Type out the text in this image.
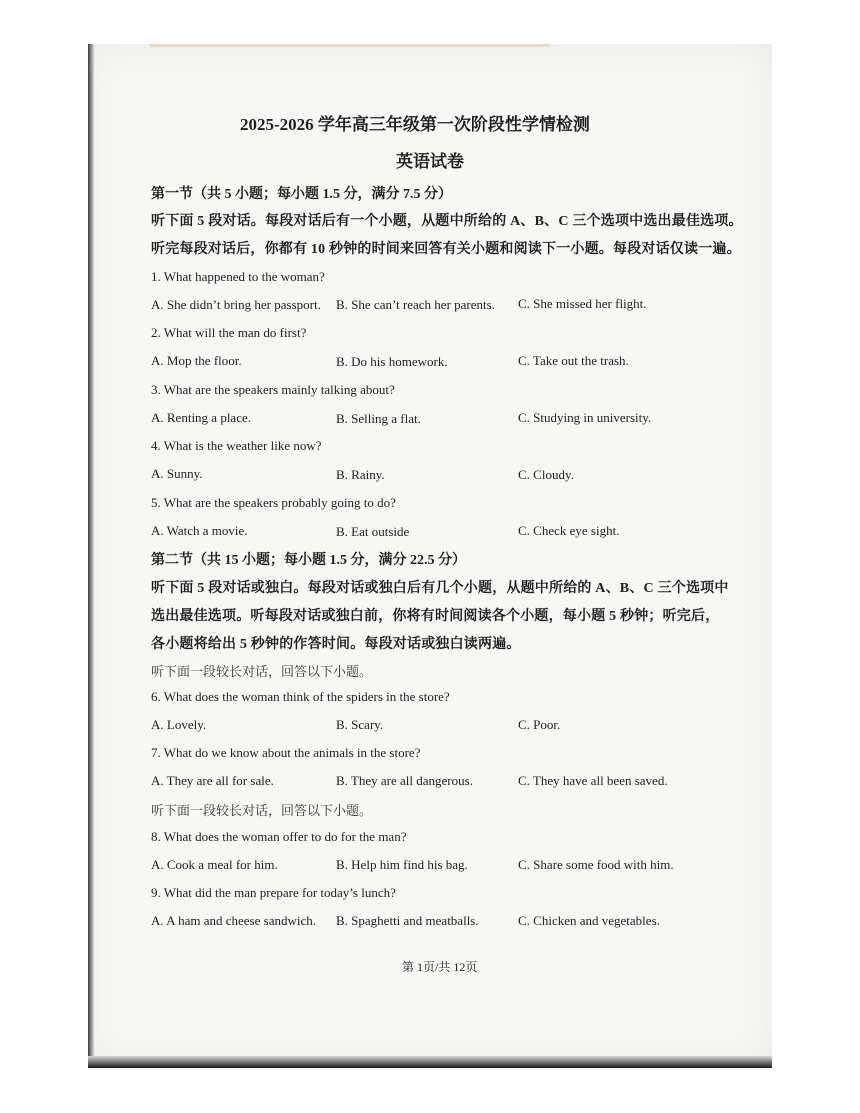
2025-2026 学年高三年级第一次阶段性学情检测
英语试卷
第一节（共 5 小题；每小题 1.5 分，满分 7.5 分）
听下面 5 段对话。每段对话后有一个小题，从题中所给的 A、B、C 三个选项中选出最佳选项。
听完每段对话后，你都有 10 秒钟的时间来回答有关小题和阅读下一小题。每段对话仅读一遍。
1. What happened to the woman?
A. She didn’t bring her passport. B. She can’t reach her parents. C. She missed her flight.
2. What will the man do first?
A. Mop the floor.	B. Do his homework.	C. Take out the trash.
3. What are the speakers mainly talking about?
A. Renting a place.	B. Selling a flat.	C. Studying in university.
4. What is the weather like now?
A. Sunny.	B. Rainy.	C. Cloudy.
5. What are the speakers probably going to do?
A. Watch a movie.	B. Eat outside	C. Check eye sight.
第二节（共 15 小题；每小题 1.5 分，满分 22.5 分）
听下面 5 段对话或独白。每段对话或独白后有几个小题，从题中所给的 A、B、C 三个选项中
选出最佳选项。听每段对话或独白前，你将有时间阅读各个小题，每小题 5 秒钟；听完后，
各小题将给出 5 秒钟的作答时间。每段对话或独白读两遍。
听下面一段较长对话，回答以下小题。
6. What does the woman think of the spiders in the store?
A. Lovely.	B. Scary.	C. Poor.
7. What do we know about the animals in the store?
A. They are all for sale.	B. They are all dangerous.	C. They have all been saved.
听下面一段较长对话，回答以下小题。
8. What does the woman offer to do for the man?
A. Cook a meal for him.	B. Help him find his bag.	C. Share some food with him.
9. What did the man prepare for today’s lunch?
A. A ham and cheese sandwich. B. Spaghetti and meatballs.	C. Chicken and vegetables.
第 1页/共 12页
